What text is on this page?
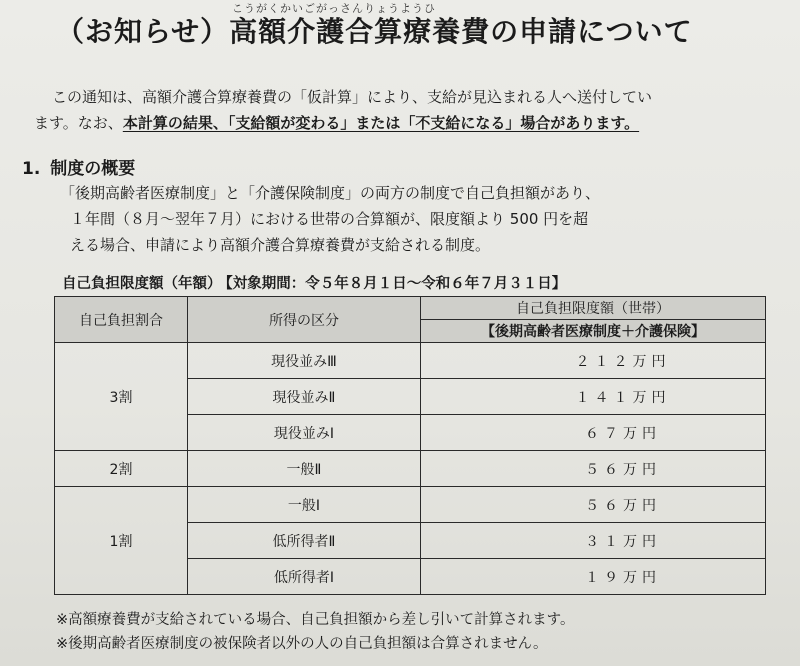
こうがくかいごがっさんりょうようひ
（お知らせ）高額介護合算療養費の申請について
この通知は、高額介護合算療養費の「仮計算」により、支給が見込まれる人へ送付してい
ます。なお、本計算の結果、「支給額が変わる」または「不支給になる」場合があります。
1. 制度の概要
「後期高齢者医療制度」と「介護保険制度」の両方の制度で自己負担額があり、
１年間（８月～翌年７月）における世帯の合算額が、限度額より 500 円を超
える場合、申請により高額介護合算療養費が支給される制度。
自己負担限度額（年額） 【対象期間：令５年８月１日～令和６年７月３１日】
自己負担割合	所得の区分	自己負担限度額（世帯）
		【後期高齢者医療制度＋介護保険】
3割	現役並みⅢ	２１２万円
	現役並みⅡ	１４１万円
	現役並みⅠ	６７万円
2割	一般Ⅱ	５６万円
1割	一般Ⅰ	５６万円
	低所得者Ⅱ	３１万円
	低所得者Ⅰ	１９万円
※高額療養費が支給されている場合、自己負担額から差し引いて計算されます。
※後期高齢者医療制度の被保険者以外の人の自己負担額は合算されません。
